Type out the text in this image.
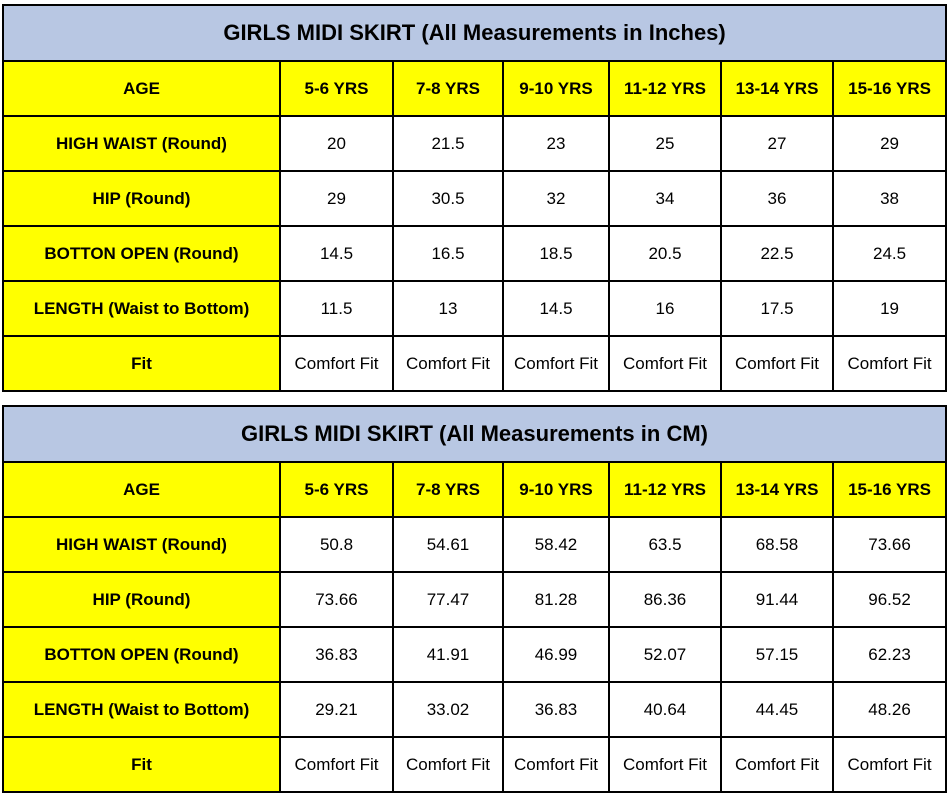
GIRLS MIDI SKIRT (All Measurements in Inches)						
AGE	5-6 YRS	7-8 YRS	9-10 YRS	11-12 YRS	13-14 YRS	15-16 YRS
HIGH WAIST (Round)	20	21.5	23	25	27	29
HIP (Round)	29	30.5	32	34	36	38
BOTTON OPEN (Round)	14.5	16.5	18.5	20.5	22.5	24.5
LENGTH (Waist to Bottom)	11.5	13	14.5	16	17.5	19
Fit	Comfort Fit	Comfort Fit	Comfort Fit	Comfort Fit	Comfort Fit	Comfort Fit
GIRLS MIDI SKIRT (All Measurements in CM)						
AGE	5-6 YRS	7-8 YRS	9-10 YRS	11-12 YRS	13-14 YRS	15-16 YRS
HIGH WAIST (Round)	50.8	54.61	58.42	63.5	68.58	73.66
HIP (Round)	73.66	77.47	81.28	86.36	91.44	96.52
BOTTON OPEN (Round)	36.83	41.91	46.99	52.07	57.15	62.23
LENGTH (Waist to Bottom)	29.21	33.02	36.83	40.64	44.45	48.26
Fit	Comfort Fit	Comfort Fit	Comfort Fit	Comfort Fit	Comfort Fit	Comfort Fit
